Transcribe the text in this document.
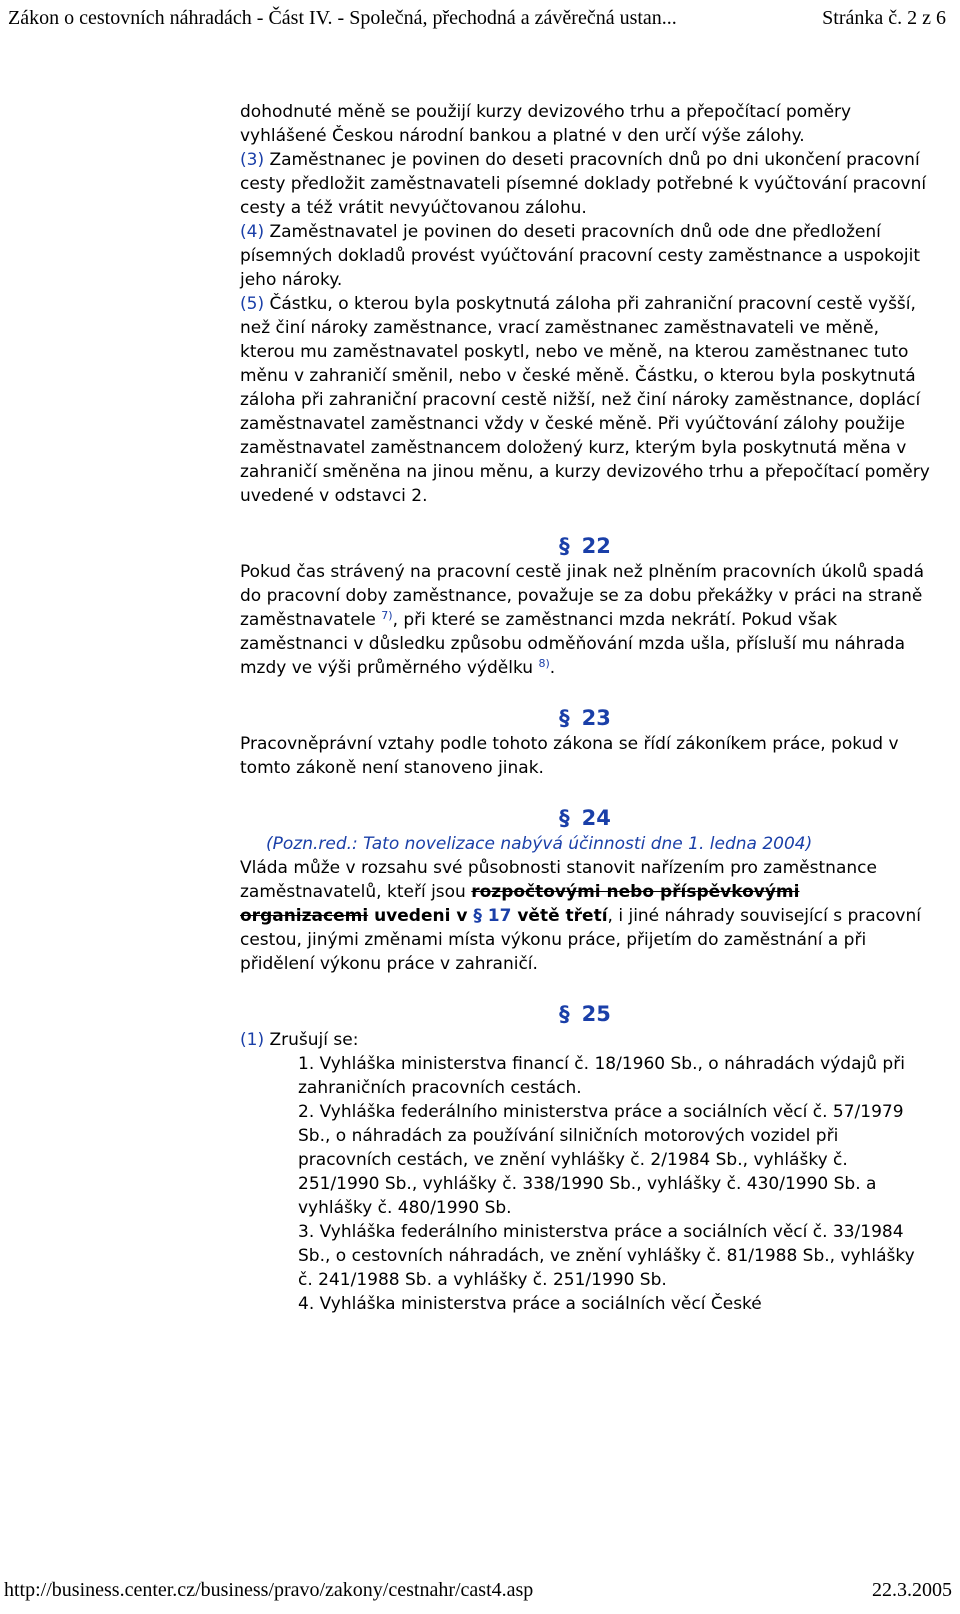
Zákon o cestovních náhradách - Část IV. - Společná, přechodná a závěrečná ustan...	Stránka č. 2 z 6

dohodnuté měně se použijí kurzy devizového trhu a přepočítací poměry vyhlášené Českou národní bankou a platné v den určí výše zálohy.

(3) Zaměstnanec je povinen do deseti pracovních dnů po dni ukončení pracovní cesty předložit zaměstnavateli písemné doklady potřebné k vyúčtování pracovní cesty a též vrátit nevyúčtovanou zálohu.

(4) Zaměstnavatel je povinen do deseti pracovních dnů ode dne předložení písemných dokladů provést vyúčtování pracovní cesty zaměstnance a uspokojit jeho nároky.

(5) Částku, o kterou byla poskytnutá záloha při zahraniční pracovní cestě vyšší, než činí nároky zaměstnance, vrací zaměstnanec zaměstnavateli ve měně, kterou mu zaměstnavatel poskytl, nebo ve měně, na kterou zaměstnanec tuto měnu v zahraničí směnil, nebo v české měně. Částku, o kterou byla poskytnutá záloha při zahraniční pracovní cestě nižší, než činí nároky zaměstnance, doplácí zaměstnavatel zaměstnanci vždy v české měně. Při vyúčtování zálohy použije zaměstnavatel zaměstnancem doložený kurz, kterým byla poskytnutá měna v zahraničí směněna na jinou měnu, a kurzy devizového trhu a přepočítací poměry uvedené v odstavci 2.

§ 22

Pokud čas strávený na pracovní cestě jinak než plněním pracovních úkolů spadá do pracovní doby zaměstnance, považuje se za dobu překážky v práci na straně zaměstnavatele $^{7)}$, při které se zaměstnanci mzda nekrátí. Pokud však zaměstnanci v důsledku způsobu odměňování mzda ušla, přísluší mu náhrada mzdy ve výši průměrného výdělku $^{8)}$.

§ 23

Pracovněprávní vztahy podle tohoto zákona se řídí zákoníkem práce, pokud v tomto zákoně není stanoveno jinak.

§ 24
(Pozn.red.: Tato novelizace nabývá účinnosti dne 1. ledna 2004)

Vláda může v rozsahu své působnosti stanovit nařízením pro zaměstnance zaměstnavatelů, kteří jsou rozpočtovými nebo příspěvkovými organizacemi uvedeni v § 17 větě třetí, i jiné náhrady související s pracovní cestou, jinými změnami místa výkonu práce, přijetím do zaměstnání a při přidělení výkonu práce v zahraničí.

§ 25

(1) Zrušují se:

1. Vyhláška ministerstva financí č. 18/1960 Sb., o náhradách výdajů při zahraničních pracovních cestách.
2. Vyhláška federálního ministerstva práce a sociálních věcí č. 57/1979 Sb., o náhradách za používání silničních motorových vozidel při pracovních cestách, ve znění vyhlášky č. 2/1984 Sb., vyhlášky č. 251/1990 Sb., vyhlášky č. 338/1990 Sb., vyhlášky č. 430/1990 Sb. a vyhlášky č. 480/1990 Sb.
3. Vyhláška federálního ministerstva práce a sociálních věcí č. 33/1984 Sb., o cestovních náhradách, ve znění vyhlášky č. 81/1988 Sb., vyhlášky č. 241/1988 Sb. a vyhlášky č. 251/1990 Sb.
4. Vyhláška ministerstva práce a sociálních věcí České
http://business.center.cz/business/pravo/zakony/cestnahr/cast4.asp	22.3.2005
